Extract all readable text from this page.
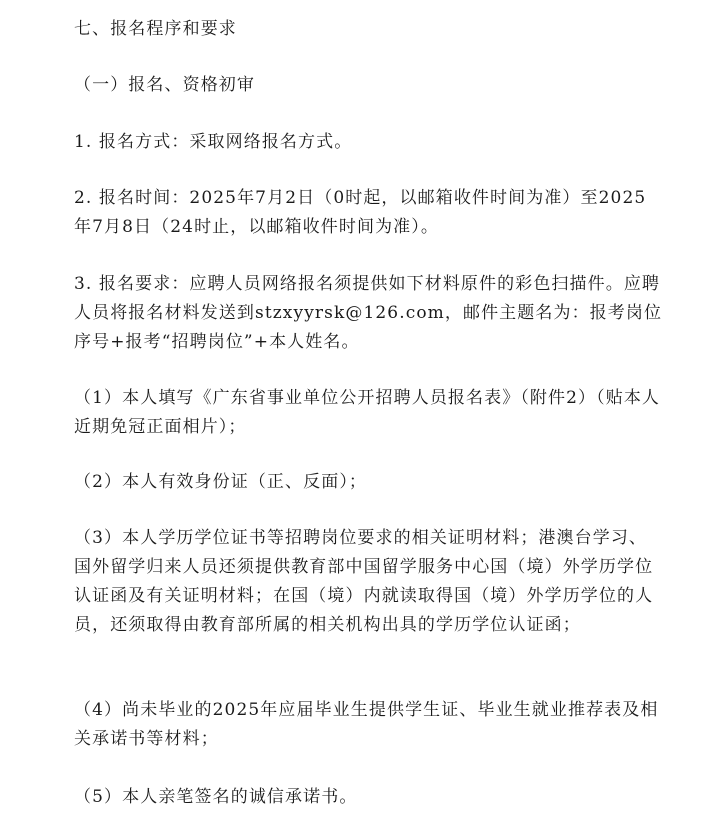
七、报名程序和要求
（一）报名、资格初审
1. 报名方式：采取网络报名方式。
2. 报名时间：2025年7月2日（0时起，以邮箱收件时间为准）至2025年7月8日（24时止，以邮箱收件时间为准）。
3. 报名要求：应聘人员网络报名须提供如下材料原件的彩色扫描件。应聘人员将报名材料发送到stzxyyrsk@126.com，邮件主题名为：报考岗位序号+报考“招聘岗位”+本人姓名。
（1）本人填写《广东省事业单位公开招聘人员报名表》（附件2）（贴本人近期免冠正面相片）；
（2）本人有效身份证（正、反面）；
（3）本人学历学位证书等招聘岗位要求的相关证明材料；港澳台学习、国外留学归来人员还须提供教育部中国留学服务中心国（境）外学历学位认证函及有关证明材料；在国（境）内就读取得国（境）外学历学位的人员，还须取得由教育部所属的相关机构出具的学历学位认证函；
（4）尚未毕业的2025年应届毕业生提供学生证、毕业生就业推荐表及相关承诺书等材料；
（5）本人亲笔签名的诚信承诺书。
